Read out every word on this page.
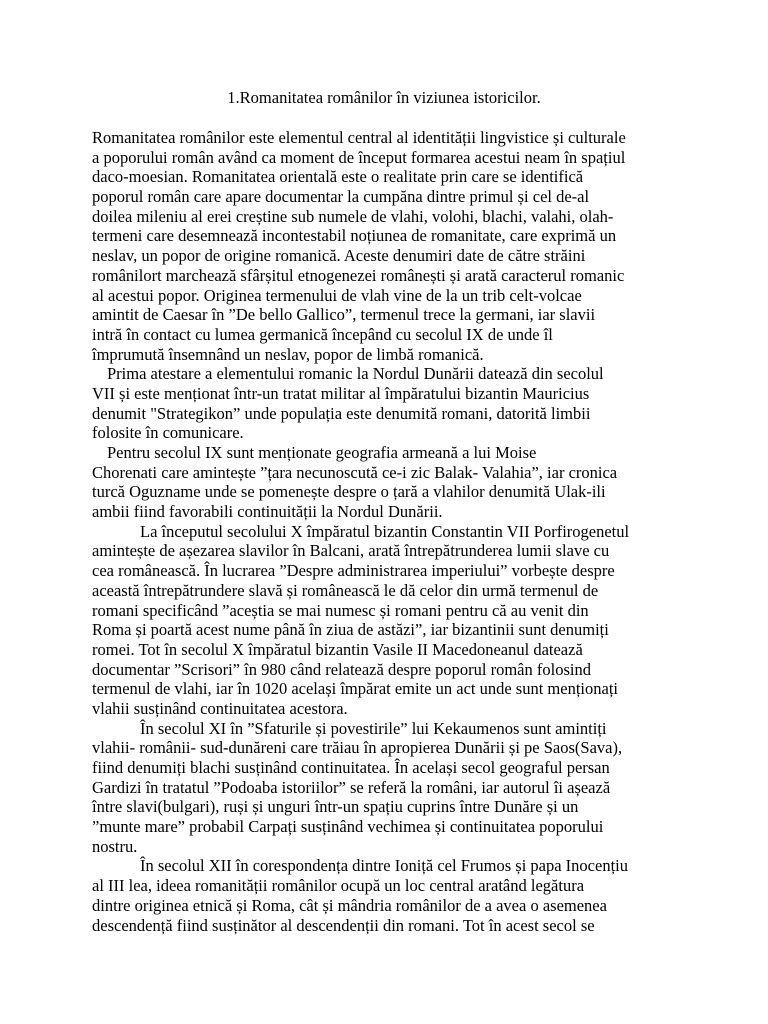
1.Romanitatea românilor în viziunea istoricilor.
Romanitatea românilor este elementul central al identității lingvistice și culturale
a poporului român având ca moment de început formarea acestui neam în spațiul
daco-moesian. Romanitatea orientală este o realitate prin care se identifică
poporul român care apare documentar la cumpăna dintre primul și cel de-al
doilea mileniu al erei creștine sub numele de vlahi, volohi, blachi, valahi, olah-
termeni care desemnează incontestabil noțiunea de romanitate, care exprimă un
neslav, un popor de origine romanică. Aceste denumiri date de către străini
românilort marchează sfârșitul etnogenezei românești și arată caracterul romanic
al acestui popor. Originea termenului de vlah vine de la un trib celt-volcae
amintit de Caesar în ”De bello Gallico”, termenul trece la germani, iar slavii
intră în contact cu lumea germanică începând cu secolul IX de unde îl
împrumută însemnând un neslav, popor de limbă romanică.
Prima atestare a elementului romanic la Nordul Dunării datează din secolul
VII și este menționat într-un tratat militar al împăratului bizantin Mauricius
denumit "Strategikon” unde populația este denumită romani, datorită limbii
folosite în comunicare.
Pentru secolul IX sunt menționate geografia armeană a lui Moise
Chorenati care amintește ”țara necunoscută ce-i zic Balak- Valahia”, iar cronica
turcă Oguzname unde se pomenește despre o țară a vlahilor denumită Ulak-ili
ambii fiind favorabili continuității la Nordul Dunării.
La începutul secolului X împăratul bizantin Constantin VII Porfirogenetul
amintește de așezarea slavilor în Balcani, arată întrepătrunderea lumii slave cu
cea românească. În lucrarea ”Despre administrarea imperiului” vorbește despre
această întrepătrundere slavă și românească le dă celor din urmă termenul de
romani specificând ”aceștia se mai numesc și romani pentru că au venit din
Roma și poartă acest nume până în ziua de astăzi”, iar bizantinii sunt denumiți
romei. Tot în secolul X împăratul bizantin Vasile II Macedoneanul datează
documentar ”Scrisori” în 980 când relatează despre poporul român folosind
termenul de vlahi, iar în 1020 același împărat emite un act unde sunt menționați
vlahii susținând continuitatea acestora.
În secolul XI în ”Sfaturile și povestirile” lui Kekaumenos sunt amintiți
vlahii- românii- sud-dunăreni care trăiau în apropierea Dunării și pe Saos(Sava),
fiind denumiți blachi susținând continuitatea. În același secol geograful persan
Gardizi în tratatul ”Podoaba istoriilor” se referă la români, iar autorul îi așează
între slavi(bulgari), ruși și unguri într-un spațiu cuprins între Dunăre și un
”munte mare” probabil Carpați susținând vechimea și continuitatea poporului
nostru.
În secolul XII în corespondența dintre Ioniță cel Frumos și papa Inocențiu
al III lea, ideea romanității românilor ocupă un loc central aratând legătura
dintre originea etnică și Roma, cât și mândria românilor de a avea o asemenea
descendență fiind susținător al descendenții din romani. Tot în acest secol se
